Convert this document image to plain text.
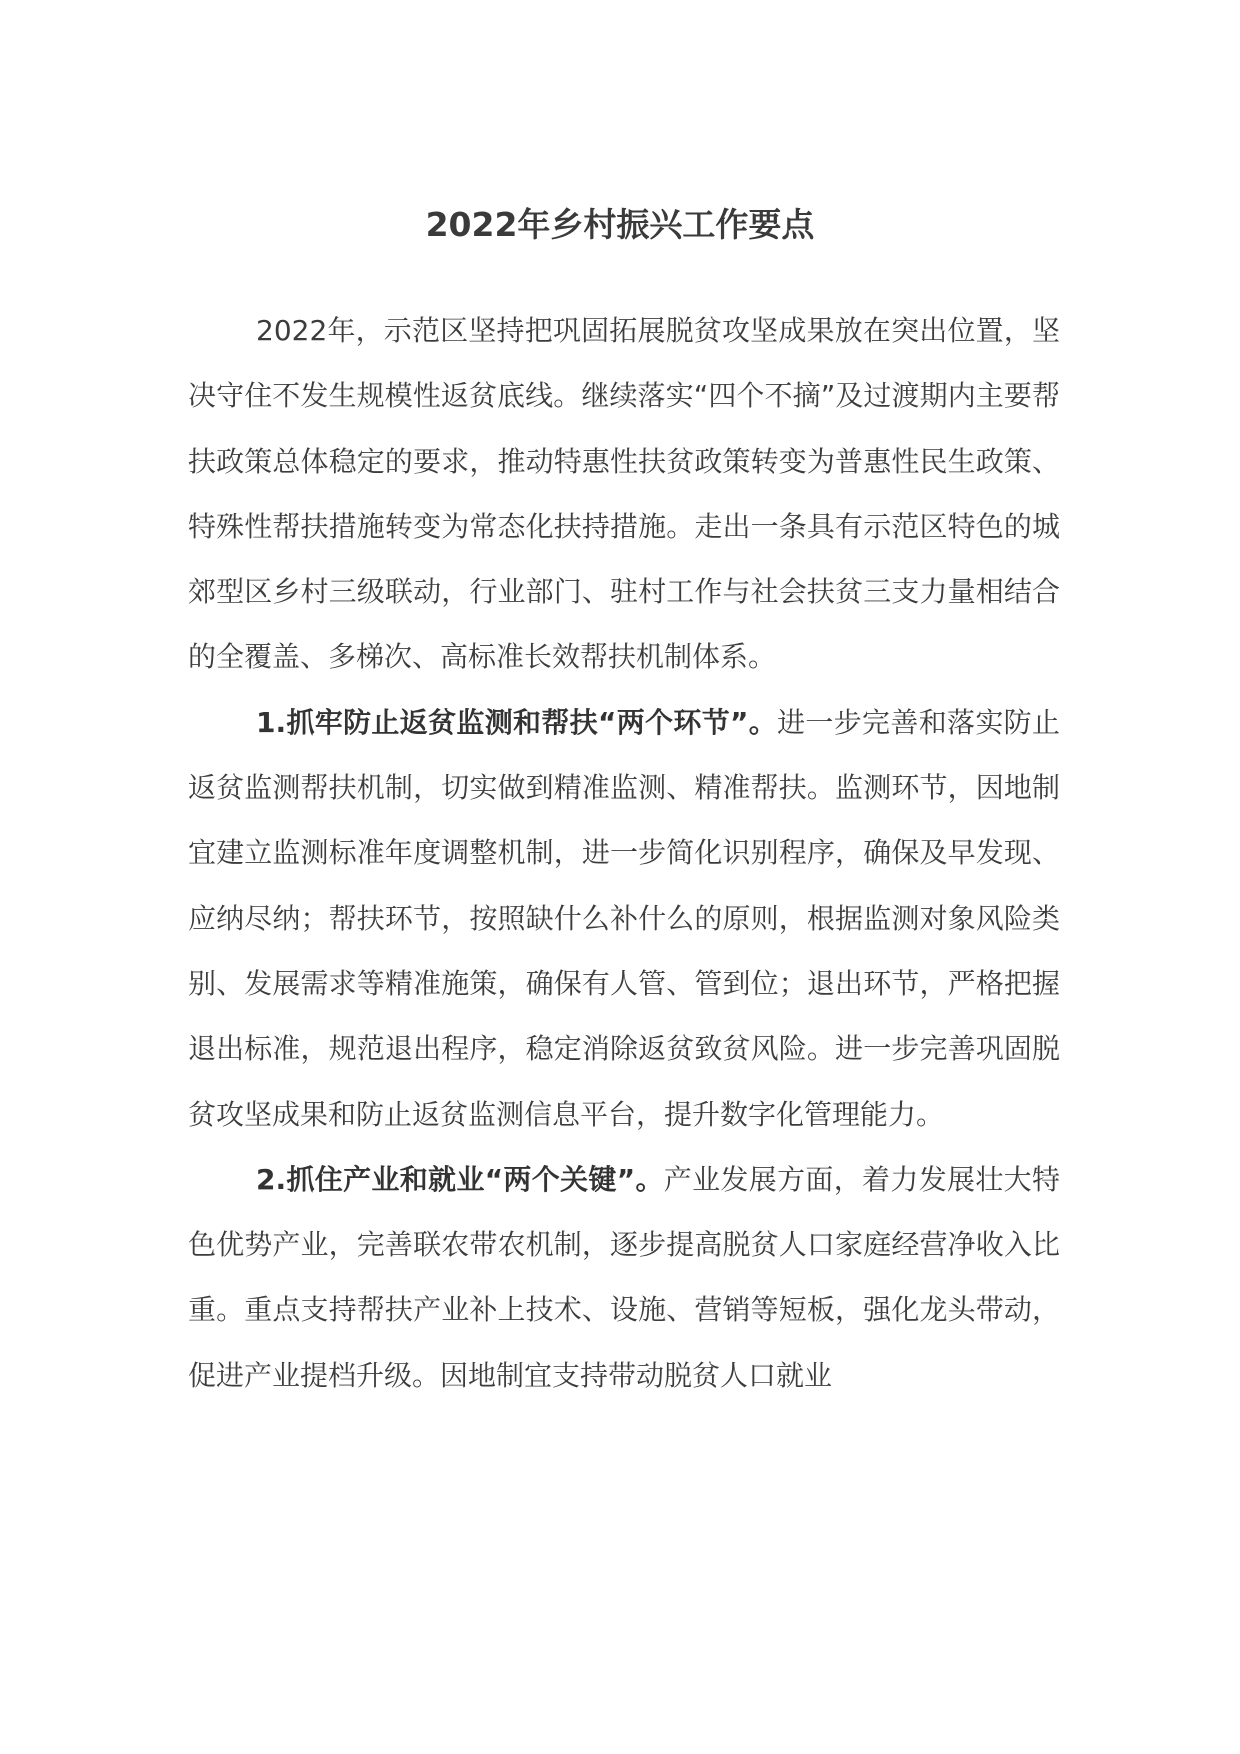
2022年乡村振兴工作要点

2022年，示范区坚持把巩固拓展脱贫攻坚成果放在突出位置，坚决守住不发生规模性返贫底线。继续落实“四个不摘”及过渡期内主要帮扶政策总体稳定的要求，推动特惠性扶贫政策转变为普惠性民生政策、特殊性帮扶措施转变为常态化扶持措施。走出一条具有示范区特色的城郊型区乡村三级联动，行业部门、驻村工作与社会扶贫三支力量相结合的全覆盖、多梯次、高标准长效帮扶机制体系。

1.抓牢防止返贫监测和帮扶“两个环节”。进一步完善和落实防止返贫监测帮扶机制，切实做到精准监测、精准帮扶。监测环节，因地制宜建立监测标准年度调整机制，进一步简化识别程序，确保及早发现、应纳尽纳；帮扶环节，按照缺什么补什么的原则，根据监测对象风险类别、发展需求等精准施策，确保有人管、管到位；退出环节，严格把握退出标准，规范退出程序，稳定消除返贫致贫风险。进一步完善巩固脱贫攻坚成果和防止返贫监测信息平台，提升数字化管理能力。

2.抓住产业和就业“两个关键”。产业发展方面，着力发展壮大特色优势产业，完善联农带农机制，逐步提高脱贫人口家庭经营净收入比重。重点支持帮扶产业补上技术、设施、营销等短板，强化龙头带动，促进产业提档升级。因地制宜支持带动脱贫人口就业
